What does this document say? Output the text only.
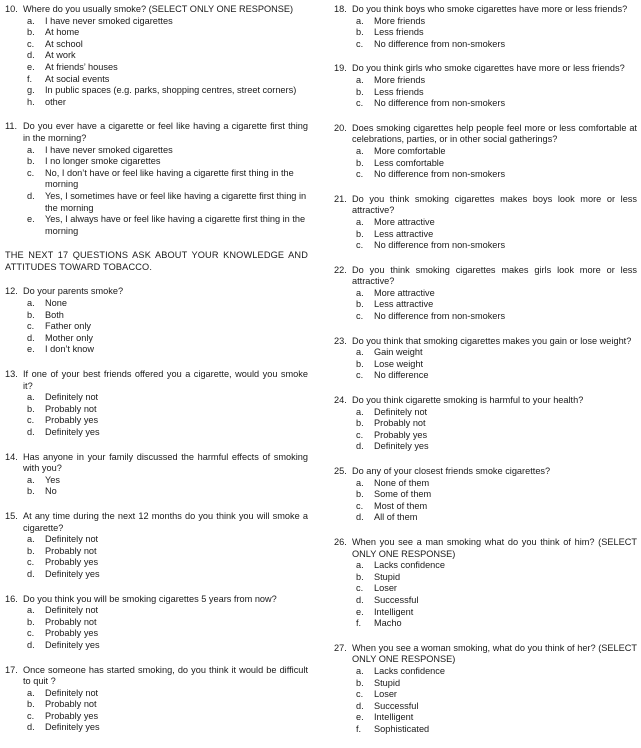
10. Where do you usually smoke? (SELECT ONLY ONE RESPONSE)
a.	I have never smoked cigarettes
b.	At home
c.	At school
d.	At work
e.	At friends’ houses
f.	At social events
g.	In public spaces (e.g. parks, shopping centres, street corners)
h.	other
11. Do you ever have a cigarette or feel like having a cigarette first thing in the morning?
a.	I have never smoked cigarettes
b.	I no longer smoke cigarettes
c.	No, I don’t have or feel like having a cigarette first thing in the morning
d.	Yes, I sometimes have or feel like having a cigarette first thing in the morning
e.	Yes, I always have or feel like having a cigarette first thing in the morning
THE NEXT 17 QUESTIONS ASK ABOUT YOUR KNOWLEDGE AND ATTITUDES TOWARD TOBACCO.
12. Do your parents smoke?
a.	None
b.	Both
c.	Father only
d.	Mother only
e.	I don’t know
13. If one of your best friends offered you a cigarette, would you smoke it?
a.	Definitely not
b.	Probably not
c.	Probably yes
d.	Definitely yes
14. Has anyone in your family discussed the harmful effects of smoking with you?
a.	Yes
b.	No
15. At any time during the next 12 months do you think you will smoke a cigarette?
a.	Definitely not
b.	Probably not
c.	Probably yes
d.	Definitely yes
16. Do you think you will be smoking cigarettes 5 years from now?
a.	Definitely not
b.	Probably not
c.	Probably yes
d.	Definitely yes
17. Once someone has started smoking, do you think it would be difficult to quit ?
a.	Definitely not
b.	Probably not
c.	Probably yes
d.	Definitely yes
18. Do you think boys who smoke cigarettes have more or less friends?
a.	More friends
b.	Less friends
c.	No difference from non-smokers
19. Do you think girls who smoke cigarettes have more or less friends?
a.	More friends
b.	Less friends
c.	No difference from non-smokers
20. Does smoking cigarettes help people feel more or less comfortable at celebrations, parties, or in other social gatherings?
a.	More comfortable
b.	Less comfortable
c.	No difference from non-smokers
21. Do you think smoking cigarettes makes boys look more or less attractive?
a.	More attractive
b.	Less attractive
c.	No difference from non-smokers
22. Do you think smoking cigarettes makes girls look more or less attractive?
a.	More attractive
b.	Less attractive
c.	No difference from non-smokers
23. Do you think that smoking cigarettes makes you gain or lose weight?
a.	Gain weight
b.	Lose weight
c.	No difference
24. Do you think cigarette smoking is harmful to your health?
a.	Definitely not
b.	Probably not
c.	Probably yes
d.	Definitely yes
25. Do any of your closest friends smoke cigarettes?
a.	None of them
b.	Some of them
c.	Most of them
d.	All of them
26. When you see a man smoking what do you think of him? (SELECT ONLY ONE RESPONSE)
a.	Lacks confidence
b.	Stupid
c.	Loser
d.	Successful
e.	Intelligent
f.	Macho
27. When you see a woman smoking, what do you think of her? (SELECT ONLY ONE RESPONSE)
a.	Lacks confidence
b.	Stupid
c.	Loser
d.	Successful
e.	Intelligent
f.	Sophisticated
